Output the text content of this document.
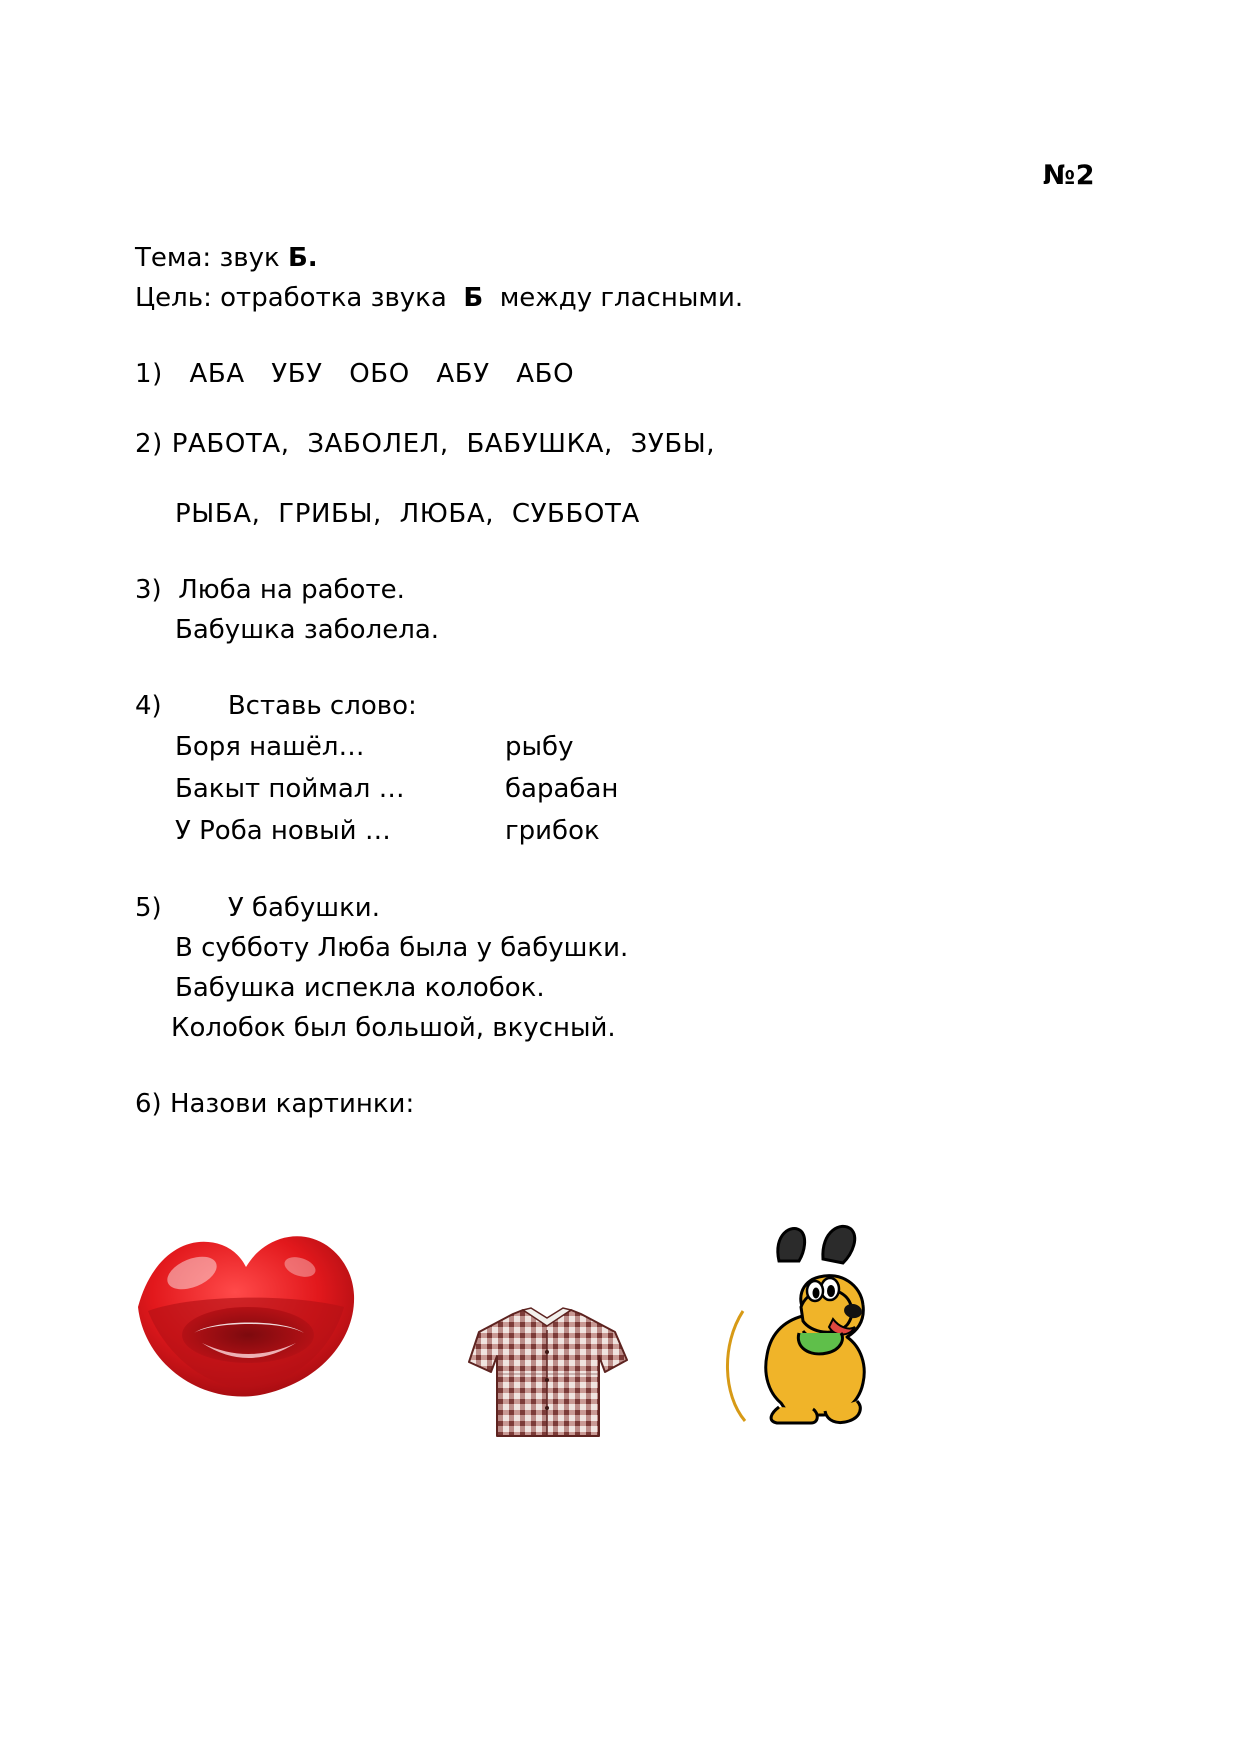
№2
Тема: звук Б.
Цель: отработка звука Б между гласными.
1) АБА   УБУ   ОБО   АБУ   АБО
2) РАБОТА,  ЗАБОЛЕЛ,  БАБУШКА,  ЗУБЫ,
РЫБА,  ГРИБЫ,  ЛЮБА,  СУББОТА
3) Люба на работе.
Бабушка заболела.
4)	Вставь слово:
Боря нашёл…	рыбу
Бакыт поймал …	барабан
У Роба новый …	грибок
5)	У бабушки.
В субботу Люба была у бабушки.
Бабушка испекла колобок.
Колобок был большой, вкусный.
6) Назови картинки:
